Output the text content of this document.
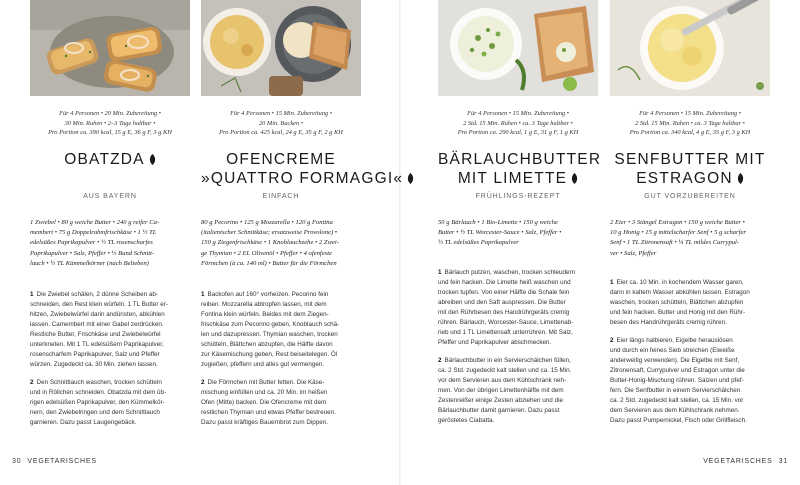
Für 4 Personen • 20 Min. Zubereitung •
30 Min. Ruhen • 2–3 Tage haltbar •
Pro Portion ca. 390 kcal, 15 g E, 36 g F, 3 g KH
OBATZDA
AUS BAYERN
1 Zwiebel • 80 g weiche Butter • 240 g reifer Ca-
membert • 75 g Doppelrahmfrischkäse • 1 ½ TL
edelsüßes Paprikapulver • ½ TL rosenscharfes
Paprikapulver • Salz, Pfeffer • ½ Bund Schnitt-
lauch • ½ TL Kümmelkörner (nach Belieben)
1 Die Zwiebel schälen, 2 dünne Scheiben ab-
schneiden, den Rest klein würfeln. 1 TL Butter er-
hitzen, Zwiebelwürfel darin andünsten, abkühlen
lassen. Camembert mit einer Gabel zerdrücken.
Restliche Butter, Frischkäse und Zwiebelwürfel
unterkneten. Mit 1 TL edelsüßem Paprikapulver,
rosenscharfem Paprikapulver, Salz und Pfeffer
würzen. Zugedeckt ca. 30 Min. ziehen lassen.
2 Den Schnittlauch waschen, trocken schütteln
und in Röllchen schneiden. Obatzda mit dem üb-
rigen edelsüßen Paprikapulver, den Kümmelkör-
nern, den Zwiebelringen und dem Schnittlauch
garnieren. Dazu passt Laugengebäck.
Für 4 Personen • 15 Min. Zubereitung •
20 Min. Backen •
Pro Portion ca. 425 kcal, 24 g E, 35 g F, 2 g KH
OFENCREME
»QUATTRO FORMAGGI«
EINFACH
80 g Pecorino • 125 g Mozzarella • 120 g Fontina
(italienischer Schnittkäse; ersatzweise Provolone) •
150 g Ziegenfrischkäse • 1 Knoblauchzehe • 2 Zwei-
ge Thymian • 2 EL Olivenöl • Pfeffer • 4 ofenfeste
Förmchen (à ca. 140 ml) • Butter für die Förmchen
1 Backofen auf 160° vorheizen. Pecorino fein
reiben. Mozzarella abtropfen lassen, mit dem
Fontina klein würfeln. Beides mit dem Ziegen-
frischkäse zum Pecorino geben, Knoblauch schä-
len und dazupressen. Thymian waschen, trocken
schütteln, Blättchen abzupfen, die Hälfte davon
zur Käsemischung geben, Rest beiseitelegen. Öl
zugießen, pfeffern und alles gut vermengen.
2 Die Förmchen mit Butter fetten. Die Käse-
mischung einfüllen und ca. 20 Min. im heißen
Ofen (Mitte) backen. Die Ofencreme mit dem
restlichen Thymian und etwas Pfeffer bestreuen.
Dazu passt kräftiges Bauernbrot zum Dippen.
Für 4 Personen • 15 Min. Zubereitung •
2 Std. 15 Min. Ruhen • ca. 3 Tage haltbar •
Pro Portion ca. 290 kcal, 1 g E, 31 g F, 1 g KH
BÄRLAUCHBUTTER
MIT LIMETTE
FRÜHLINGS-REZEPT
50 g Bärlauch • 1 Bio-Limette • 150 g weiche
Butter • ½ TL Worcester-Sauce • Salz, Pfeffer •
½ TL edelsüßes Paprikapulver
1 Bärlauch putzen, waschen, trocken schleudern
und fein hacken. Die Limette heiß waschen und
trocken tupfen. Von einer Hälfte die Schale fein
abreiben und den Saft auspressen. Die Butter
mit den Rührbesen des Handrührgeräts cremig
rühren. Bärlauch, Worcester-Sauce, Limettenab-
rieb und 1 TL Limettensaft unterrühren. Mit Salz,
Pfeffer und Paprikapulver abschmecken.
2 Bärlauchbutter in ein Servierschälchen füllen,
ca. 2 Std. zugedeckt kalt stellen und ca. 15 Min.
vor dem Servieren aus dem Kühlschrank neh-
men. Von der übrigen Limettenhälfte mit dem
Zestenreißer einige Zesten abziehen und die
Bärlauchbutter damit garnieren. Dazu passt
geröstetes Ciabatta.
Für 4 Personen • 15 Min. Zubereitung •
2 Std. 15 Min. Ruhen • ca. 3 Tage haltbar •
Pro Portion ca. 340 kcal, 4 g E, 35 g F, 3 g KH
SENFBUTTER MIT
ESTRAGON
GUT VORZUBEREITEN
2 Eier • 3 Stängel Estragon • 150 g weiche Butter •
10 g Honig • 15 g mittelscharfer Senf • 5 g scharfer
Senf • 1 TL Zitronensaft • ¼ TL mildes Currypul-
ver • Salz, Pfeffer
1 Eier ca. 10 Min. in kochendem Wasser garen,
dann in kaltem Wasser abkühlen lassen. Estragon
waschen, trocken schütteln, Blättchen abzupfen
und fein hacken. Butter und Honig mit den Rühr-
besen des Handrührgeräts cremig rühren.
2 Eier längs halbieren, Eigelbe herauslösen
und durch ein feines Sieb streichen (Eiweiße
anderweitig verwenden). Die Eigelbe mit Senf,
Zitronensaft, Currypulver und Estragon unter die
Butter-Honig-Mischung rühren. Salzen und pfef-
fern. Die Senfbutter in einem Servierschälchen
ca. 2 Std. zugedeckt kalt stellen, ca. 15 Min. vor
dem Servieren aus dem Kühlschrank nehmen.
Dazu passt Pumpernickel, Fisch oder Grillfleisch.
30 VEGETARISCHES	VEGETARISCHES 31
